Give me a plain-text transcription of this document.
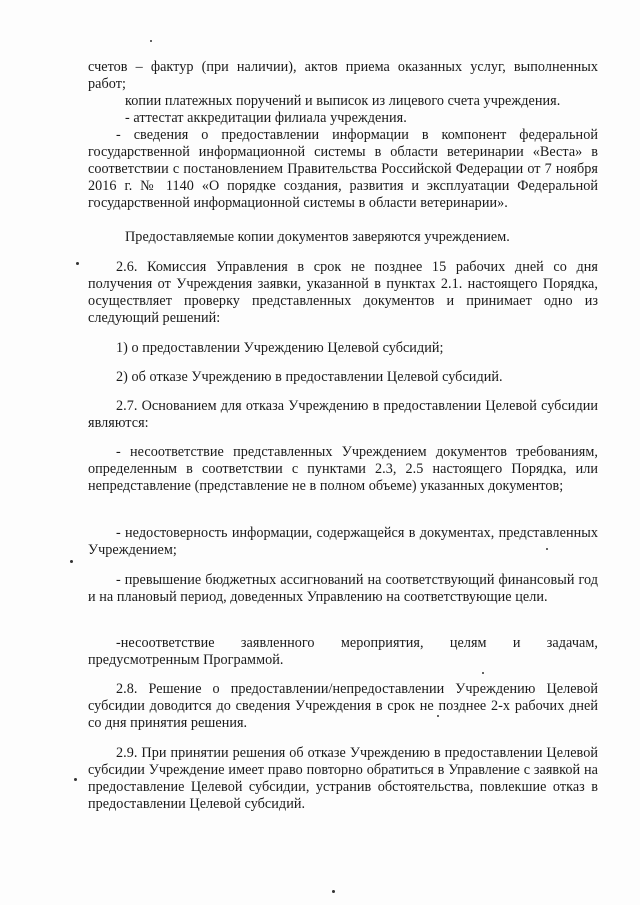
счетов – фактур (при наличии), актов приема оказанных услуг, выполненных работ;

копии платежных поручений и выписок из лицевого счета учреждения.

- аттестат аккредитации филиала учреждения.

- сведения о предоставлении информации в компонент федеральной государственной информационной системы в области ветеринарии «Веста» в соответствии с постановлением Правительства Российской Федерации от 7 ноября 2016 г. № 1140 «О порядке создания, развития и эксплуатации Федеральной государственной информационной системы в области ветеринарии».

Предоставляемые копии документов заверяются учреждением.

2.6. Комиссия Управления в срок не позднее 15 рабочих дней со дня получения от Учреждения заявки, указанной в пунктах 2.1. настоящего Порядка, осуществляет проверку представленных документов и принимает одно из следующий решений:

1) о предоставлении Учреждению Целевой субсидий;

2) об отказе Учреждению в предоставлении Целевой субсидий.

2.7. Основанием для отказа Учреждению в предоставлении Целевой субсидии являются:

- несоответствие представленных Учреждением документов требованиям, определенным в соответствии с пунктами 2.3, 2.5 настоящего Порядка, или непредставление (представление не в полном объеме) указанных документов;

- недостоверность информации, содержащейся в документах, представленных Учреждением;

- превышение бюджетных ассигнований на соответствующий финансовый год и на плановый период, доведенных Управлению на соответствующие цели.

-несоответствие заявленного мероприятия, целям и задачам, предусмотренным Программой.

2.8. Решение о предоставлении/непредоставлении Учреждению Целевой субсидии доводится до сведения Учреждения в срок не позднее 2-х рабочих дней со дня принятия решения.

2.9. При принятии решения об отказе Учреждению в предоставлении Целевой субсидии Учреждение имеет право повторно обратиться в Управление с заявкой на предоставление Целевой субсидии, устранив обстоятельства, повлекшие отказ в предоставлении Целевой субсидий.
